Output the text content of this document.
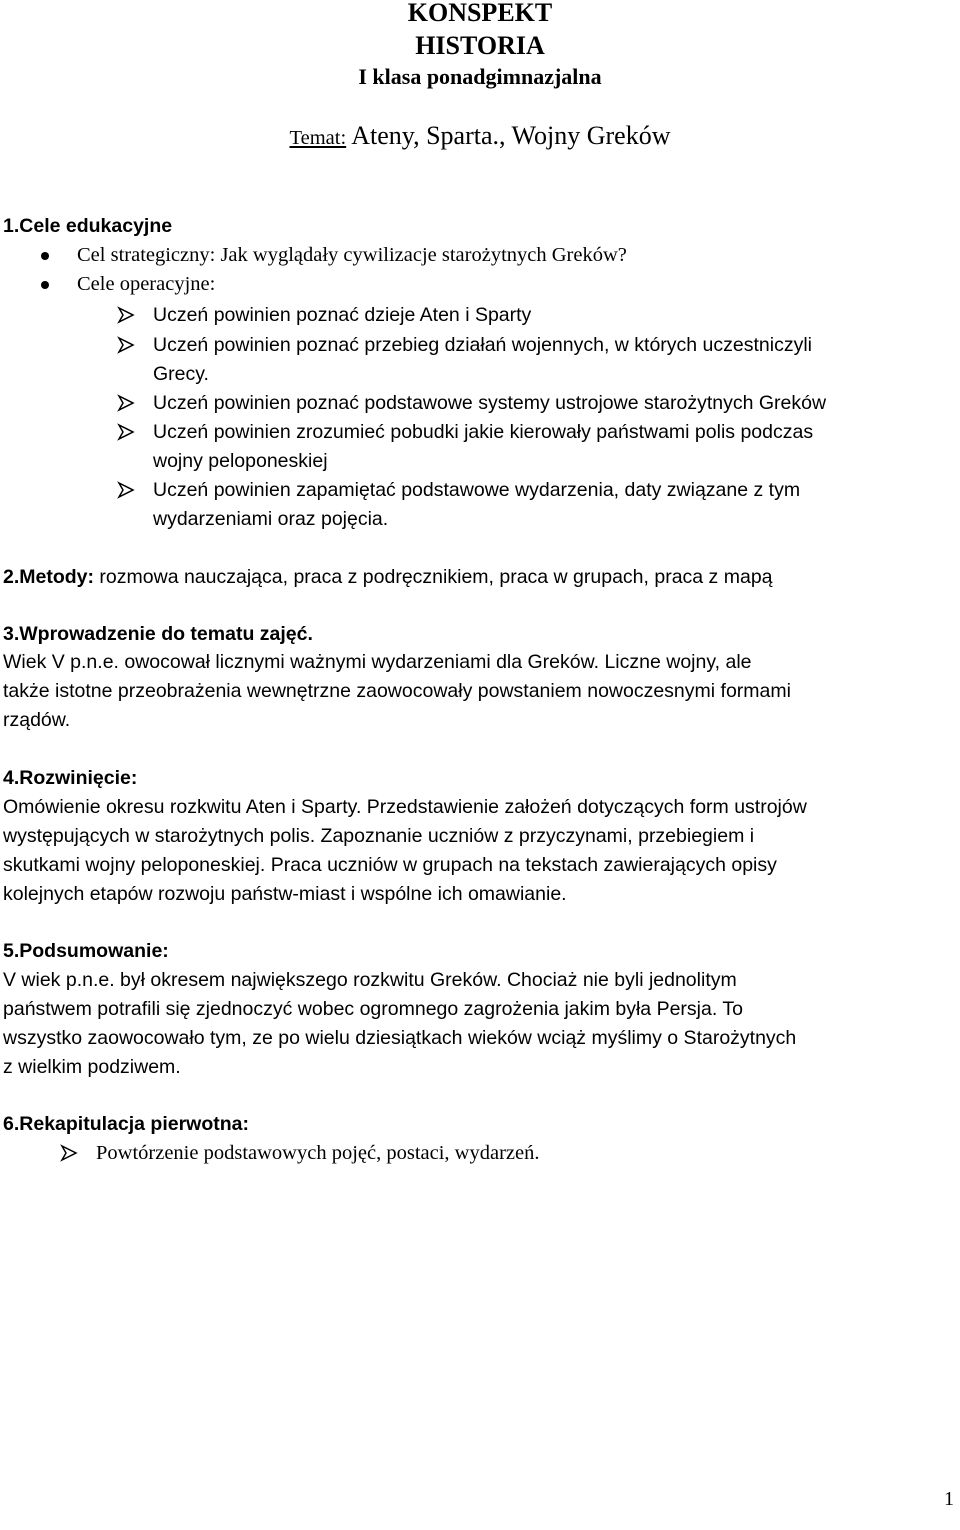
KONSPEKT
HISTORIA
I klasa ponadgimnazjalna
Temat: Ateny, Sparta., Wojny Greków
1.Cele edukacyjne
Cel strategiczny: Jak wyglądały cywilizacje starożytnych Greków?
Cele operacyjne:
Uczeń powinien poznać dzieje Aten i Sparty
Uczeń powinien poznać przebieg działań wojennych, w których uczestniczyli
Grecy.
Uczeń powinien poznać podstawowe systemy ustrojowe starożytnych Greków
Uczeń powinien zrozumieć pobudki jakie kierowały państwami polis podczas
wojny peloponeskiej
Uczeń powinien zapamiętać podstawowe wydarzenia, daty związane z tym
wydarzeniami oraz pojęcia.
2.Metody: rozmowa nauczająca, praca z podręcznikiem, praca w grupach, praca z mapą
3.Wprowadzenie do tematu zajęć.
Wiek V p.n.e. owocował licznymi ważnymi wydarzeniami dla Greków. Liczne wojny, ale
także istotne przeobrażenia wewnętrzne zaowocowały powstaniem nowoczesnymi formami
rządów.
4.Rozwinięcie:
Omówienie okresu rozkwitu Aten i Sparty. Przedstawienie założeń dotyczących form ustrojów
występujących w starożytnych polis. Zapoznanie uczniów z przyczynami, przebiegiem i
skutkami wojny peloponeskiej. Praca uczniów w grupach na tekstach zawierających opisy
kolejnych etapów rozwoju państw-miast i wspólne ich omawianie.
5.Podsumowanie:
V wiek p.n.e. był okresem największego rozkwitu Greków. Chociaż nie byli jednolitym
państwem potrafili się zjednoczyć wobec ogromnego zagrożenia jakim była Persja. To
wszystko zaowocowało tym, ze po wielu dziesiątkach wieków wciąż myślimy o Starożytnych
z wielkim podziwem.
6.Rekapitulacja pierwotna:
Powtórzenie podstawowych pojęć, postaci, wydarzeń.
1
